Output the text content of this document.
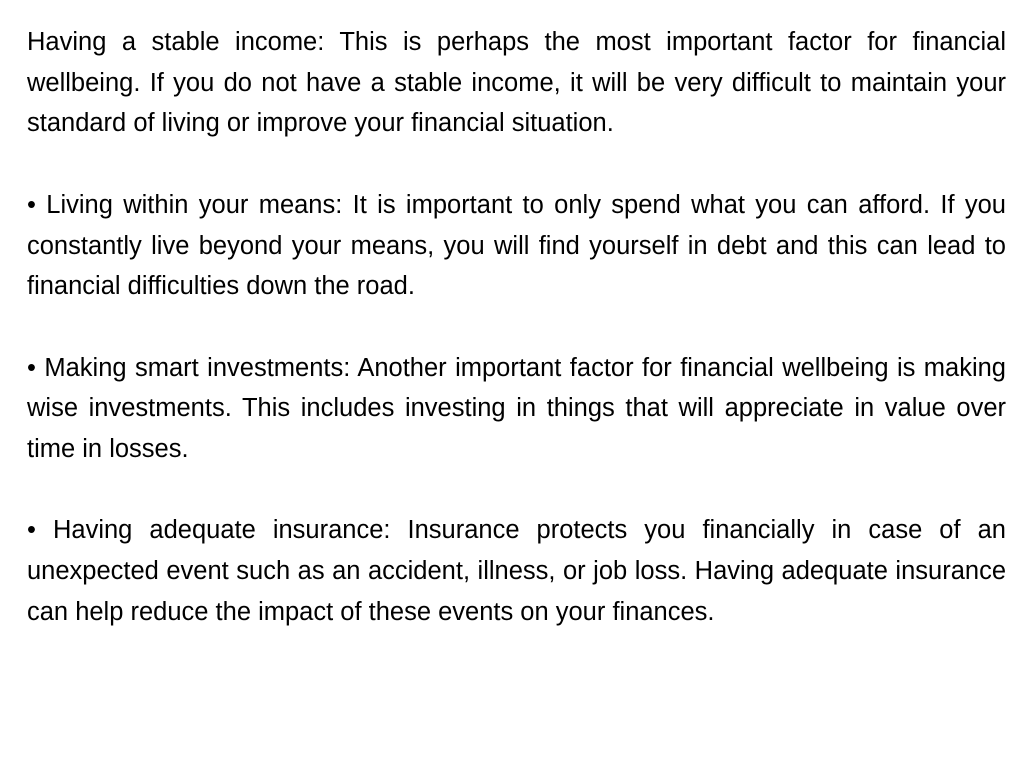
Having a stable income: This is perhaps the most important factor for financial wellbeing. If you do not have a stable income, it will be very difficult to maintain your standard of living or improve your financial situation.

• Living within your means: It is important to only spend what you can afford. If you constantly live beyond your means, you will find yourself in debt and this can lead to financial difficulties down the road.

• Making smart investments: Another important factor for financial wellbeing is making wise investments. This includes investing in things that will appreciate in value over time in losses.

• Having adequate insurance: Insurance protects you financially in case of an unexpected event such as an accident, illness, or job loss. Having adequate insurance can help reduce the impact of these events on your finances.
